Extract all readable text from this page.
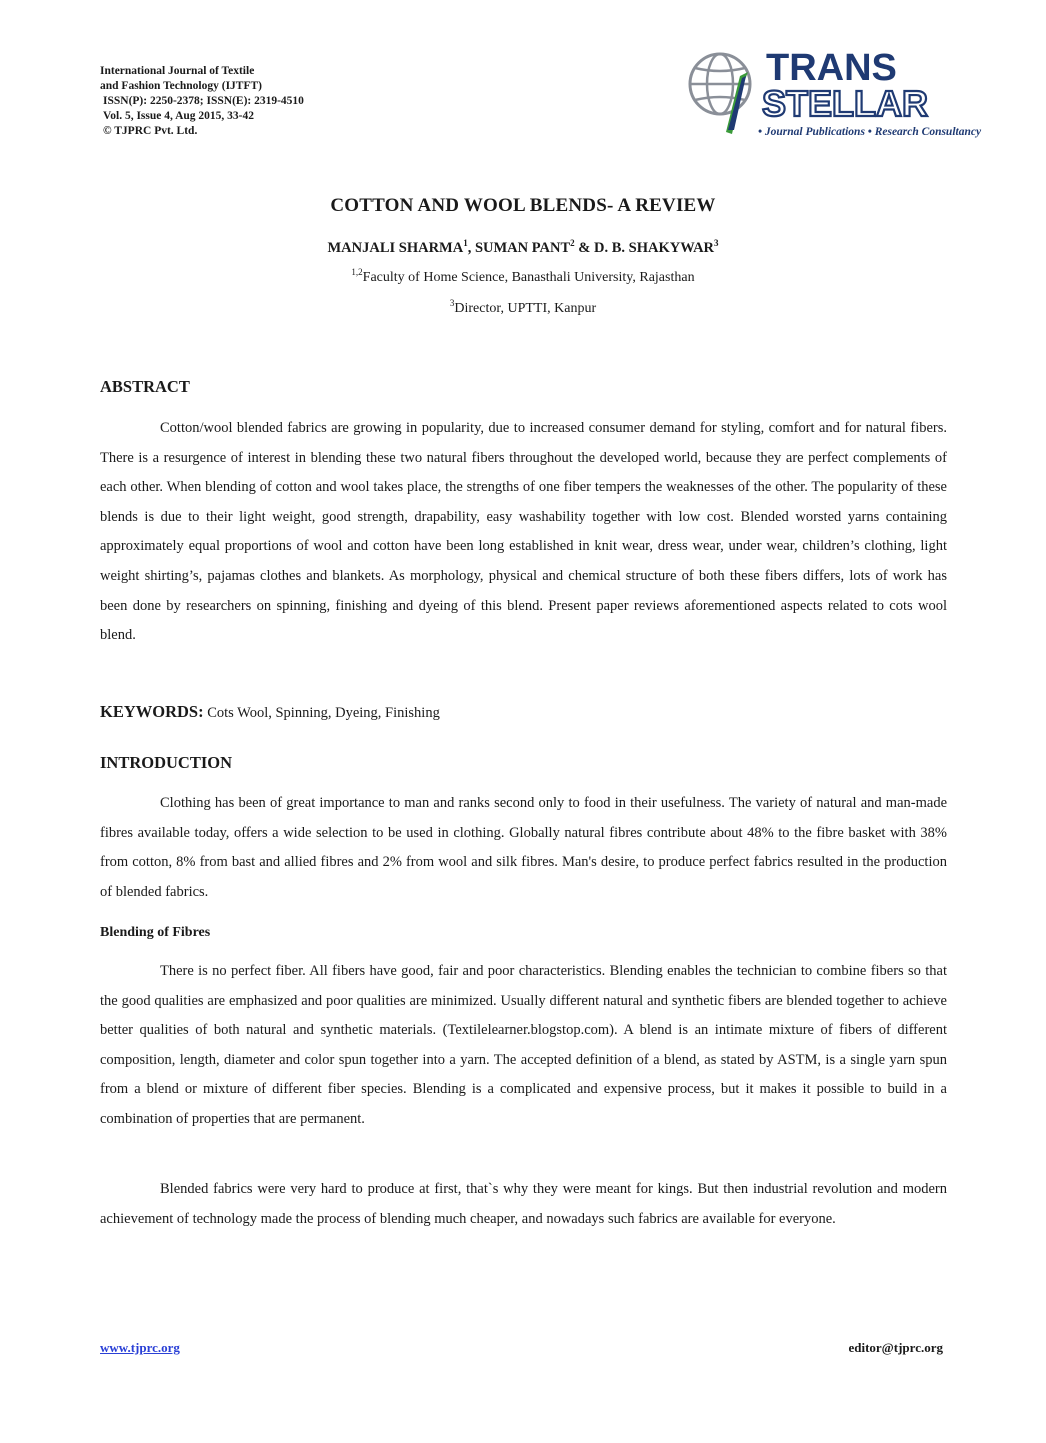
International Journal of Textile
and Fashion Technology (IJTFT)
ISSN(P): 2250-2378; ISSN(E): 2319-4510
Vol. 5, Issue 4, Aug 2015, 33-42
© TJPRC Pvt. Ltd.
TRANS
STELLAR
• Journal Publications • Research Consultancy
COTTON AND WOOL BLENDS- A REVIEW
MANJALI SHARMA$^1$, SUMAN PANT$^2$ & D. B. SHAKYWAR$^3$
$^{1,2}$Faculty of Home Science, Banasthali University, Rajasthan
$^3$Director, UPTTI, Kanpur
ABSTRACT

Cotton/wool blended fabrics are growing in popularity, due to increased consumer demand for styling, comfort and for natural fibers. There is a resurgence of interest in blending these two natural fibers throughout the developed world, because they are perfect complements of each other. When blending of cotton and wool takes place, the strengths of one fiber tempers the weaknesses of the other. The popularity of these blends is due to their light weight, good strength, drapability, easy washability together with low cost. Blended worsted yarns containing approximately equal proportions of wool and cotton have been long established in knit wear, dress wear, under wear, children’s clothing, light weight shirting’s, pajamas clothes and blankets. As morphology, physical and chemical structure of both these fibers differs, lots of work has been done by researchers on spinning, finishing and dyeing of this blend. Present paper reviews aforementioned aspects related to cots wool blend.

KEYWORDS: Cots Wool, Spinning, Dyeing, Finishing
INTRODUCTION

Clothing has been of great importance to man and ranks second only to food in their usefulness. The variety of natural and man-made fibres available today, offers a wide selection to be used in clothing. Globally natural fibres contribute about 48% to the fibre basket with 38% from cotton, 8% from bast and allied fibres and 2% from wool and silk fibres. Man's desire, to produce perfect fabrics resulted in the production of blended fabrics.

Blending of Fibres

There is no perfect fiber. All fibers have good, fair and poor characteristics. Blending enables the technician to combine fibers so that the good qualities are emphasized and poor qualities are minimized. Usually different natural and synthetic fibers are blended together to achieve better qualities of both natural and synthetic materials. (Textilelearner.blogstop.com). A blend is an intimate mixture of fibers of different composition, length, diameter and color spun together into a yarn. The accepted definition of a blend, as stated by ASTM, is a single yarn spun from a blend or mixture of different fiber species. Blending is a complicated and expensive process, but it makes it possible to build in a combination of properties that are permanent.

Blended fabrics were very hard to produce at first, that`s why they were meant for kings. But then industrial revolution and modern achievement of technology made the process of blending much cheaper, and nowadays such fabrics are available for everyone.

www.tjprc.org	editor@tjprc.org
